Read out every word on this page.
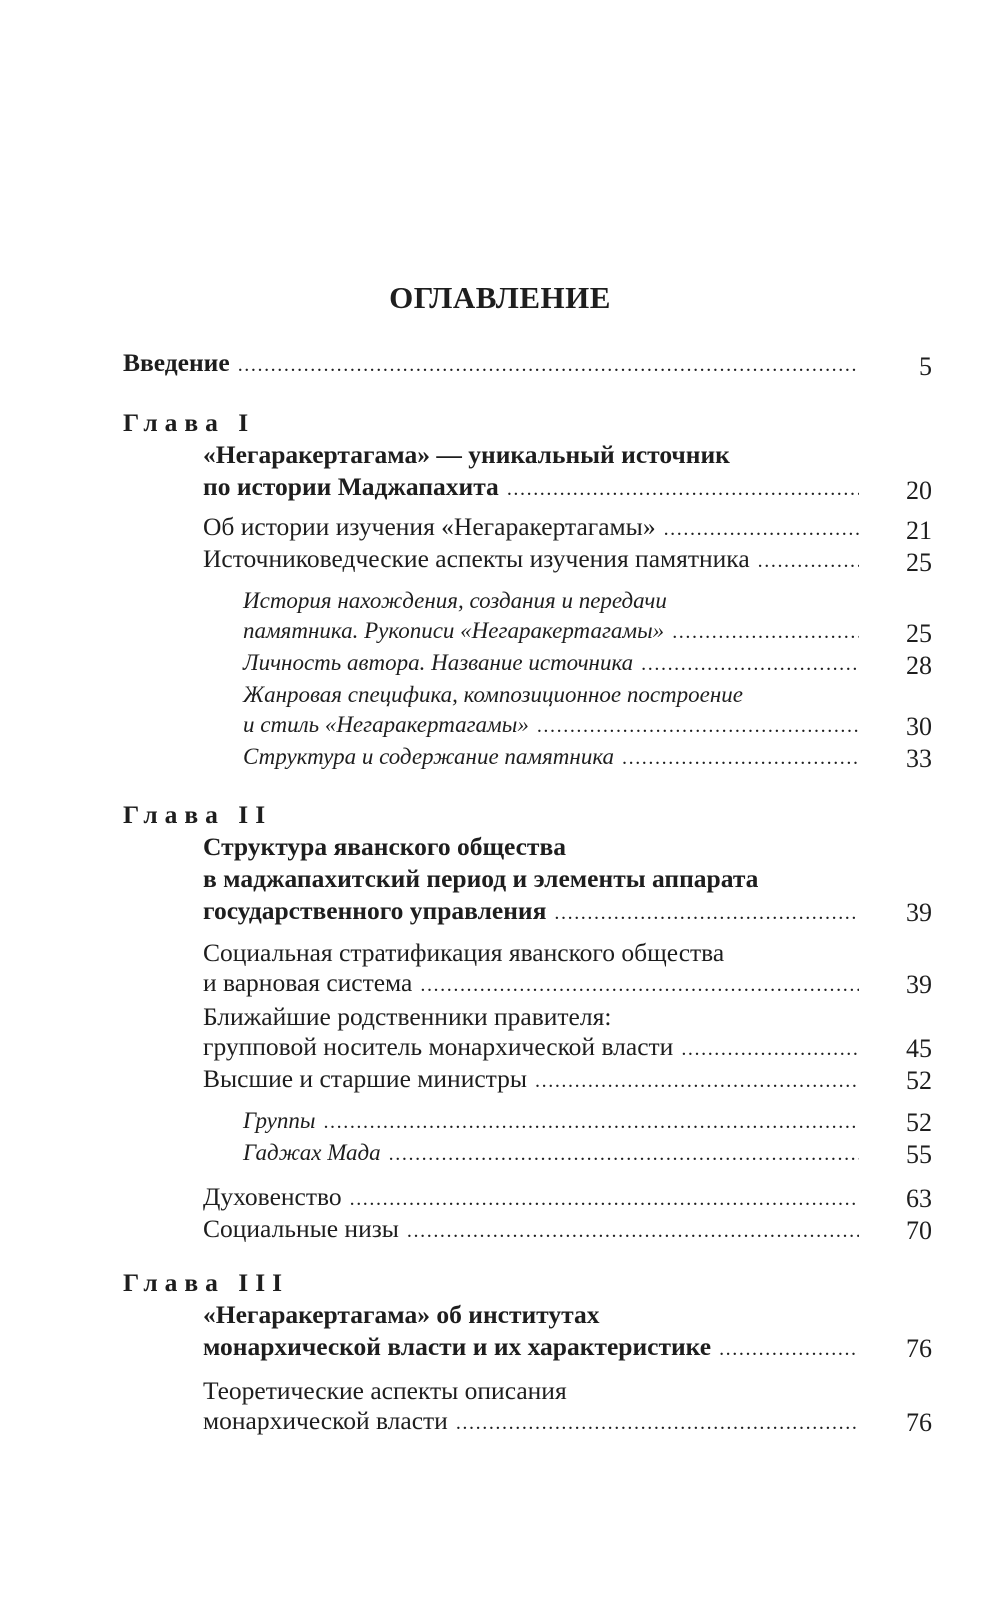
ОГЛАВЛЕНИЕ
Введение .....	5
Глава I
«Негаракертагама» — уникальный источник
по истории Маджапахита .....	20
Об истории изучения «Негаракертагамы» .....	21
Источниковедческие аспекты изучения памятника .....	25
История нахождения, создания и передачи
памятника. Рукописи «Негаракертагамы» .....	25
Личность автора. Название источника .....	28
Жанровая специфика, композиционное построение
и стиль «Негаракертагамы» .....	30
Структура и содержание памятника .....	33
Глава II
Структура яванского общества
в маджапахитский период и элементы аппарата
государственного управления .....	39
Социальная стратификация яванского общества
и варновая система .....	39
Ближайшие родственники правителя:
групповой носитель монархической власти .....	45
Высшие и старшие министры .....	52
Группы .....	52
Гаджах Мада .....	55
Духовенство .....	63
Социальные низы .....	70
Глава III
«Негаракертагама» об институтах
монархической власти и их характеристике .....	76
Теоретические аспекты описания
монархической власти .....	76
